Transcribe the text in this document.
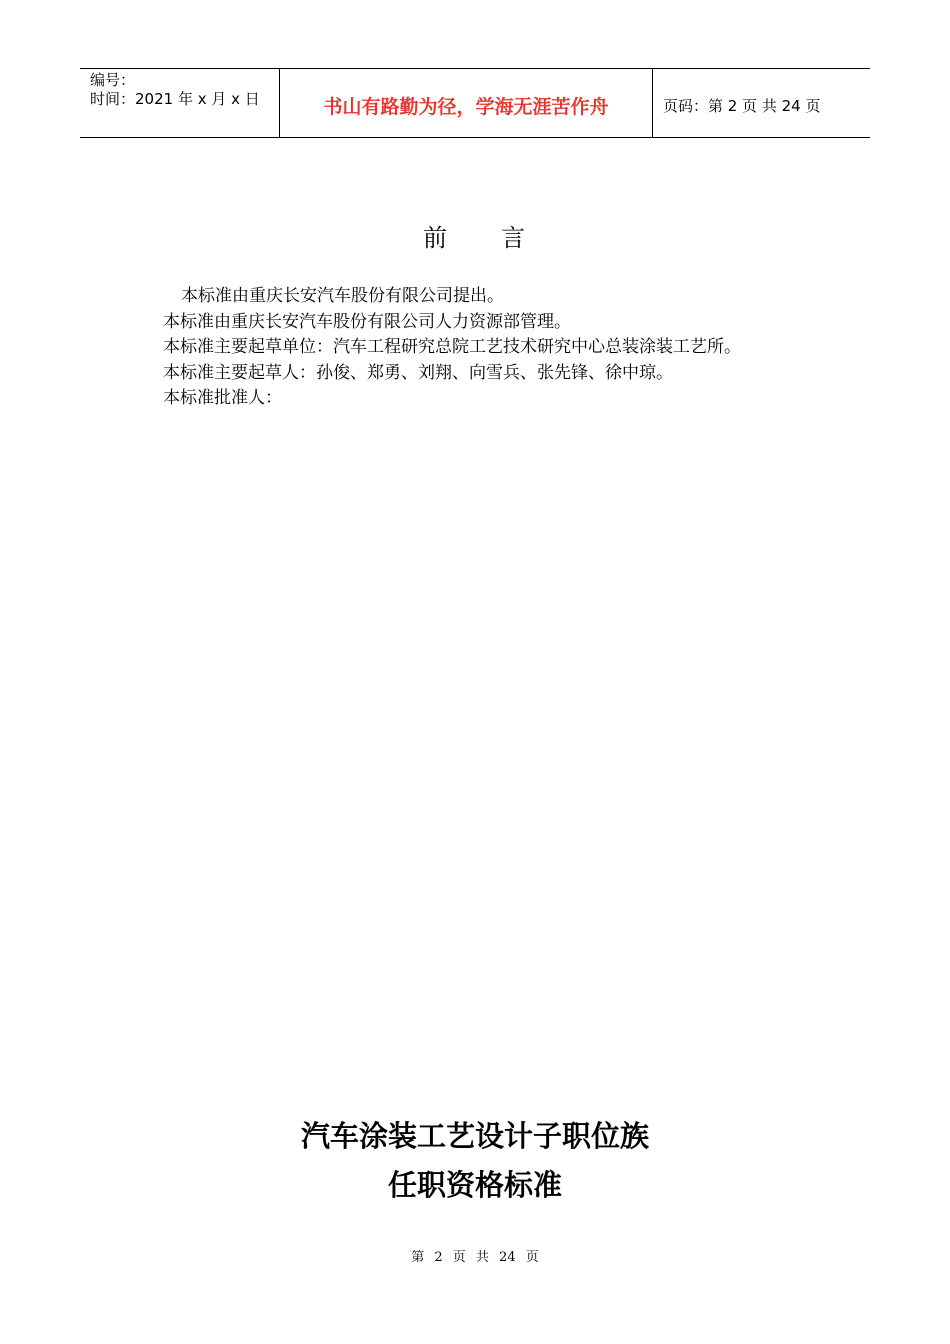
编号：
时间：2021 年 x 月 x 日	书山有路勤为径，学海无涯苦作舟	页码：第 2 页 共 24 页
前 言

本标准由重庆长安汽车股份有限公司提出。

本标准由重庆长安汽车股份有限公司人力资源部管理。

本标准主要起草单位：汽车工程研究总院工艺技术研究中心总装涂装工艺所。

本标准主要起草人：孙俊、郑勇、刘翔、向雪兵、张先锋、徐中琼。

本标准批准人：

汽车涂装工艺设计子职位族
任职资格标准
第 2 页 共 24 页
